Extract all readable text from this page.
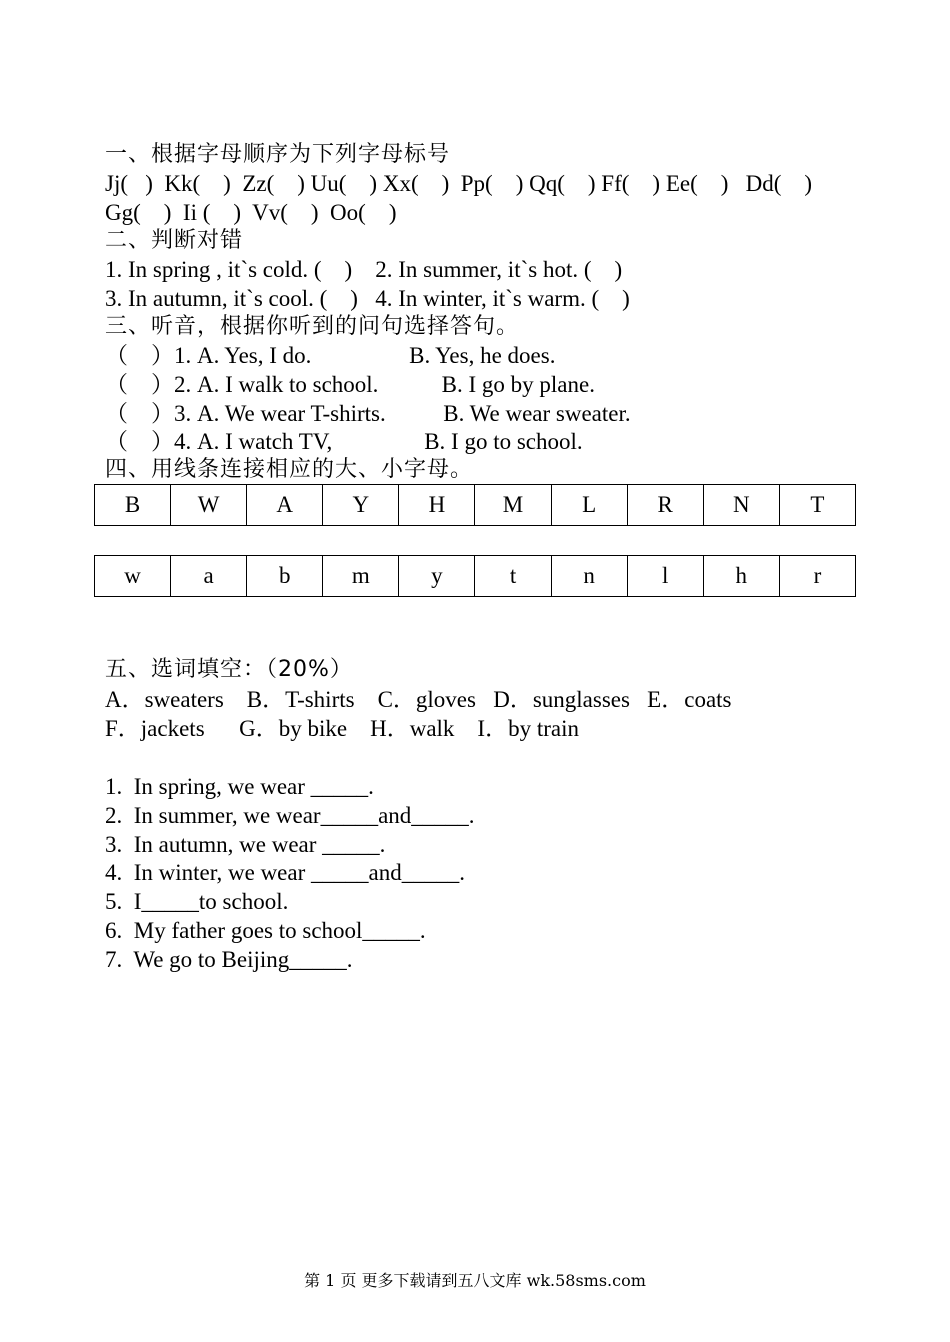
一、根据字母顺序为下列字母标号
Jj(   )  Kk(    )  Zz(    ) Uu(    ) Xx(    )  Pp(    ) Qq(    ) Ff(    ) Ee(    )   Dd(    )
Gg(    )  Ii (    )  Vv(    )  Oo(    )
二、判断对错
1. In spring , it`s cold. (    )    2. In summer, it`s hot. (    )
3. In autumn, it`s cool. (    )   4. In winter, it`s warm. (    )
三、听音，根据你听到的问句选择答句。
（    ）1. A. Yes, I do.                 B. Yes, he does.
（    ）2. A. I walk to school.           B. I go by plane.
（    ）3. A. We wear T-shirts.          B. We wear sweater.
（    ）4. A. I watch TV,                B. I go to school.
四、用线条连接相应的大、小字母。
B	W	A	Y	H	M	L	R	N	T
w	a	b	m	y	t	n	l	h	r
五、选词填空：（20%）
A．sweaters    B．T-shirts    C．gloves   D．sunglasses   E．coats
F．jackets      G．by bike    H．walk    I．by train
1.  In spring, we wear _____.
2.  In summer, we wear_____and_____.
3.  In autumn, we wear _____.
4.  In winter, we wear _____and_____.
5.  I_____to school.
6.  My father goes to school_____.
7.  We go to Beijing_____.
第 1 页 更多下载请到五八文库 wk.58sms.com
